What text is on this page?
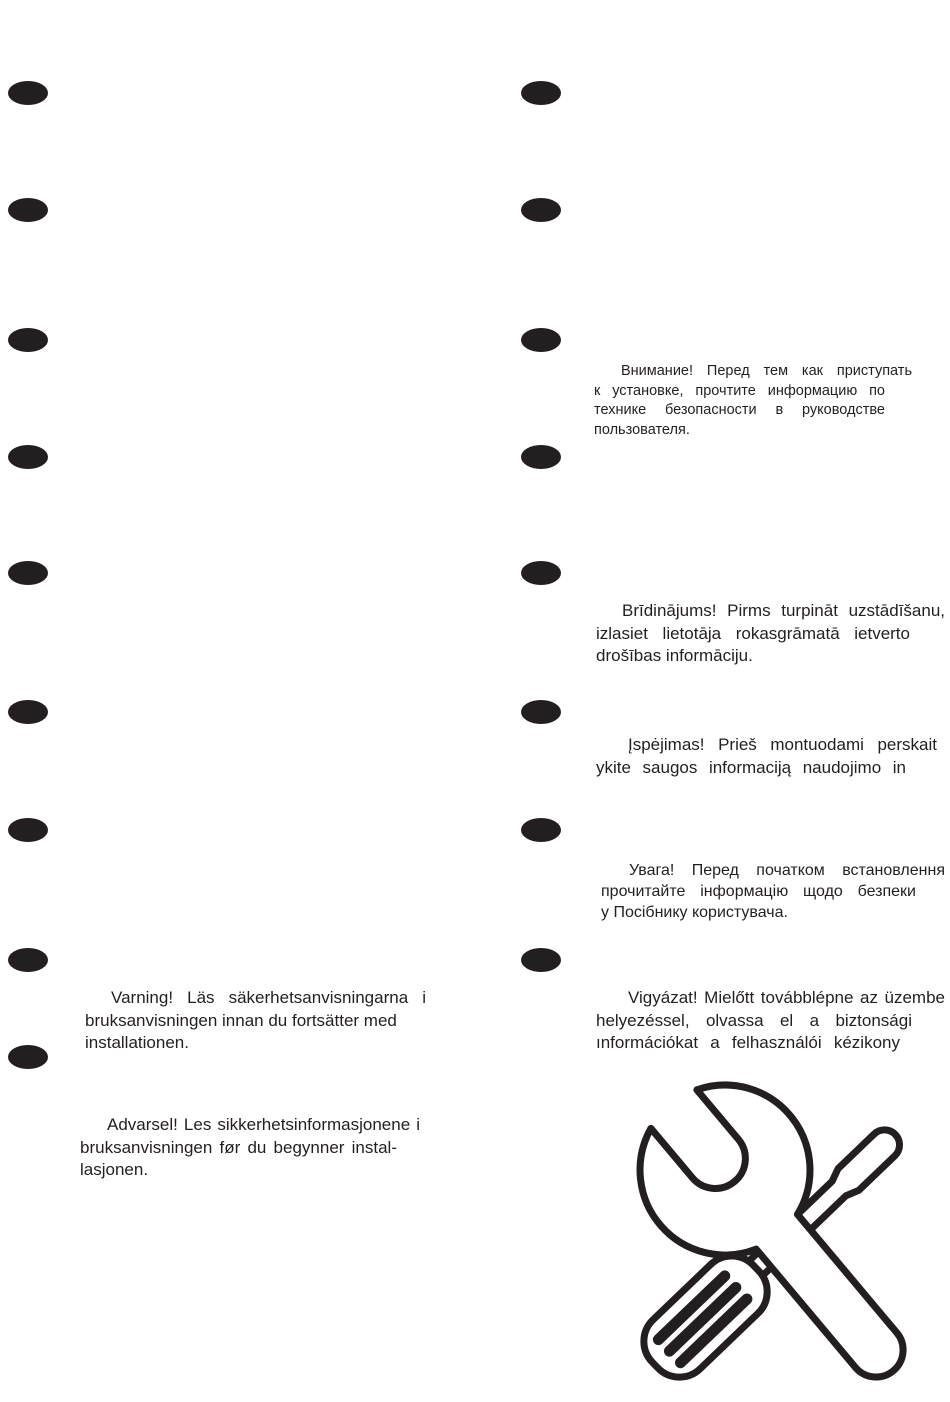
Внимание! Перед тем как приступать
к установке, прочтите информацию по
технике безопасности в руководстве
пользователя.
Brīdinājums! Pirms turpināt uzstādīšanu,
izlasiet lietotāja rokasgrāmatā ietverto
drošības informāciju.
Įspėjimas! Prieš montuodami perskait
ykite saugos informaciją naudojimo in
Увага! Перед початком встановлення
прочитайте інформацію щодо безпеки
у Посібнику користувача.
Vigyázat! Mielőtt továbblépne az üzembe
helyezéssel, olvassa el a biztonsági
ınformációkat a felhasználói kézikony
Varning! Läs säkerhetsanvisningarna i
bruksanvisningen innan du fortsätter med
installationen.
Advarsel! Les sikkerhetsinformasjonene i
bruksanvisningen før du begynner instal-
lasjonen.
